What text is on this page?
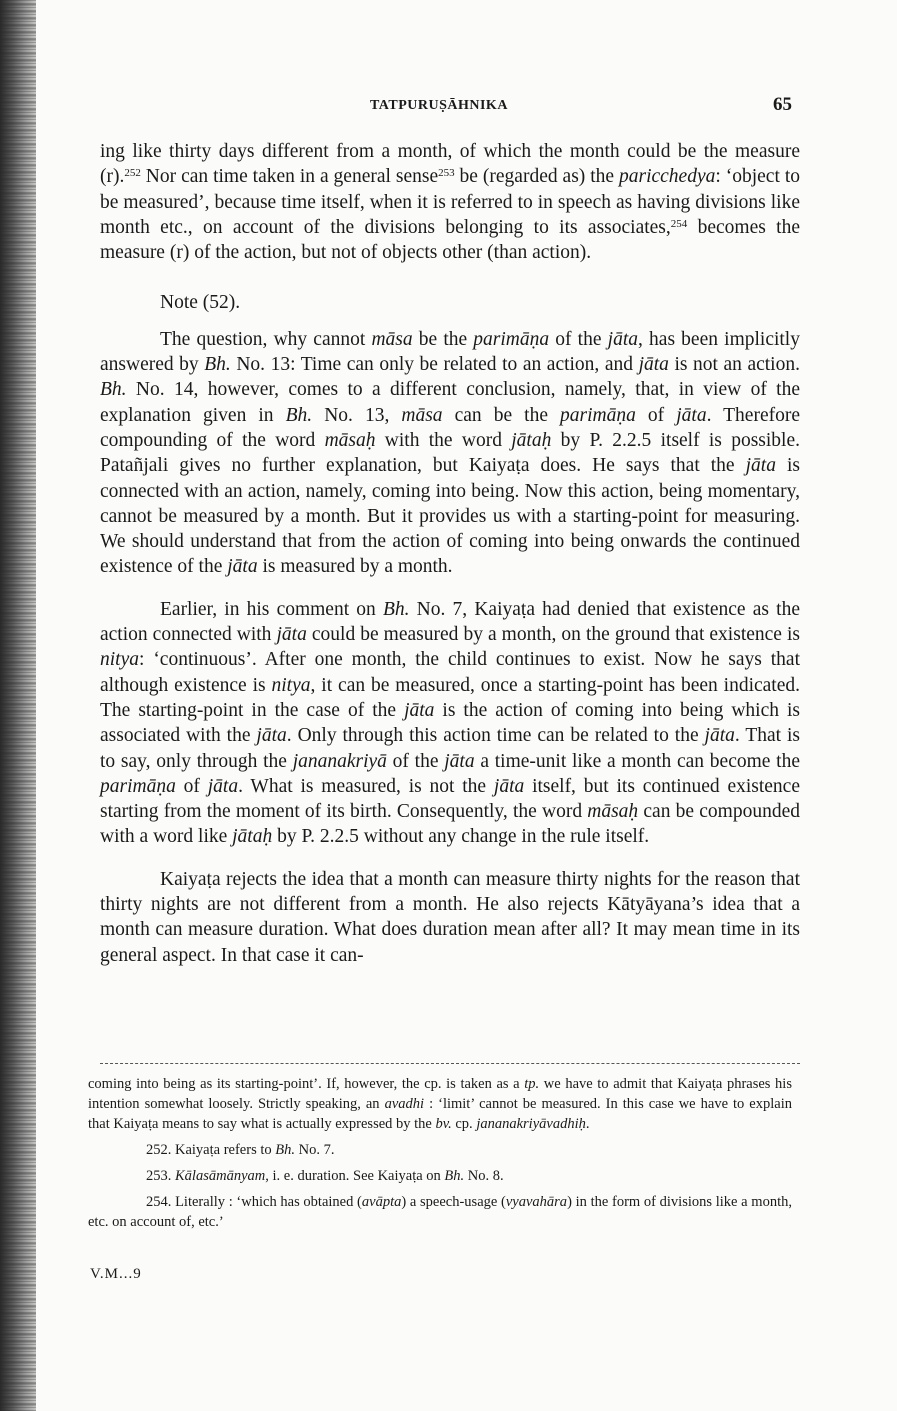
TATPURUṢĀHNIKA	65

ing like thirty days different from a month, of which the month could be the measure (r).$^{252}$ Nor can time taken in a general sense$^{253}$ be (regarded as) the paricchedya: ‘object to be measured’, because time itself, when it is referred to in speech as having divisions like month etc., on account of the divisions belonging to its associates,$^{254}$ becomes the measure (r) of the action, but not of objects other (than action).

Note (52).

The question, why cannot māsa be the parimāṇa of the jāta, has been implicitly answered by Bh. No. 13: Time can only be related to an action, and jāta is not an action. Bh. No. 14, however, comes to a different conclusion, namely, that, in view of the explanation given in Bh. No. 13, māsa can be the parimāṇa of jāta. Therefore compounding of the word māsaḥ with the word jātaḥ by P. 2.2.5 itself is possible. Patañjali gives no further explanation, but Kaiyaṭa does. He says that the jāta is connected with an action, namely, coming into being. Now this action, being momentary, cannot be measured by a month. But it provides us with a starting-point for measuring. We should understand that from the action of coming into being onwards the continued existence of the jāta is measured by a month.

Earlier, in his comment on Bh. No. 7, Kaiyaṭa had denied that existence as the action connected with jāta could be measured by a month, on the ground that existence is nitya: ‘continuous’. After one month, the child continues to exist. Now he says that although existence is nitya, it can be measured, once a starting-point has been indicated. The starting-point in the case of the jāta is the action of coming into being which is associated with the jāta. Only through this action time can be related to the jāta. That is to say, only through the jananakriyā of the jāta a time-unit like a month can become the parimāṇa of jāta. What is measured, is not the jāta itself, but its continued existence starting from the moment of its birth. Consequently, the word māsaḥ can be compounded with a word like jātaḥ by P. 2.2.5 without any change in the rule itself.

Kaiyaṭa rejects the idea that a month can measure thirty nights for the reason that thirty nights are not different from a month. He also rejects Kātyāyana’s idea that a month can measure duration. What does duration mean after all? It may mean time in its general aspect. In that case it can-

coming into being as its starting-point’. If, however, the cp. is taken as a tp. we have to admit that Kaiyaṭa phrases his intention somewhat loosely. Strictly speaking, an avadhi : ‘limit’ cannot be measured. In this case we have to explain that Kaiyaṭa means to say what is actually expressed by the bv. cp. jananakriyāvadhiḥ.

252. Kaiyaṭa refers to Bh. No. 7.

253. Kālasāmānyam, i. e. duration. See Kaiyaṭa on Bh. No. 8.

254. Literally : ‘which has obtained (avāpta) a speech-usage (vyavahāra) in the form of divisions like a month, etc. on account of, etc.’

V.M...9
